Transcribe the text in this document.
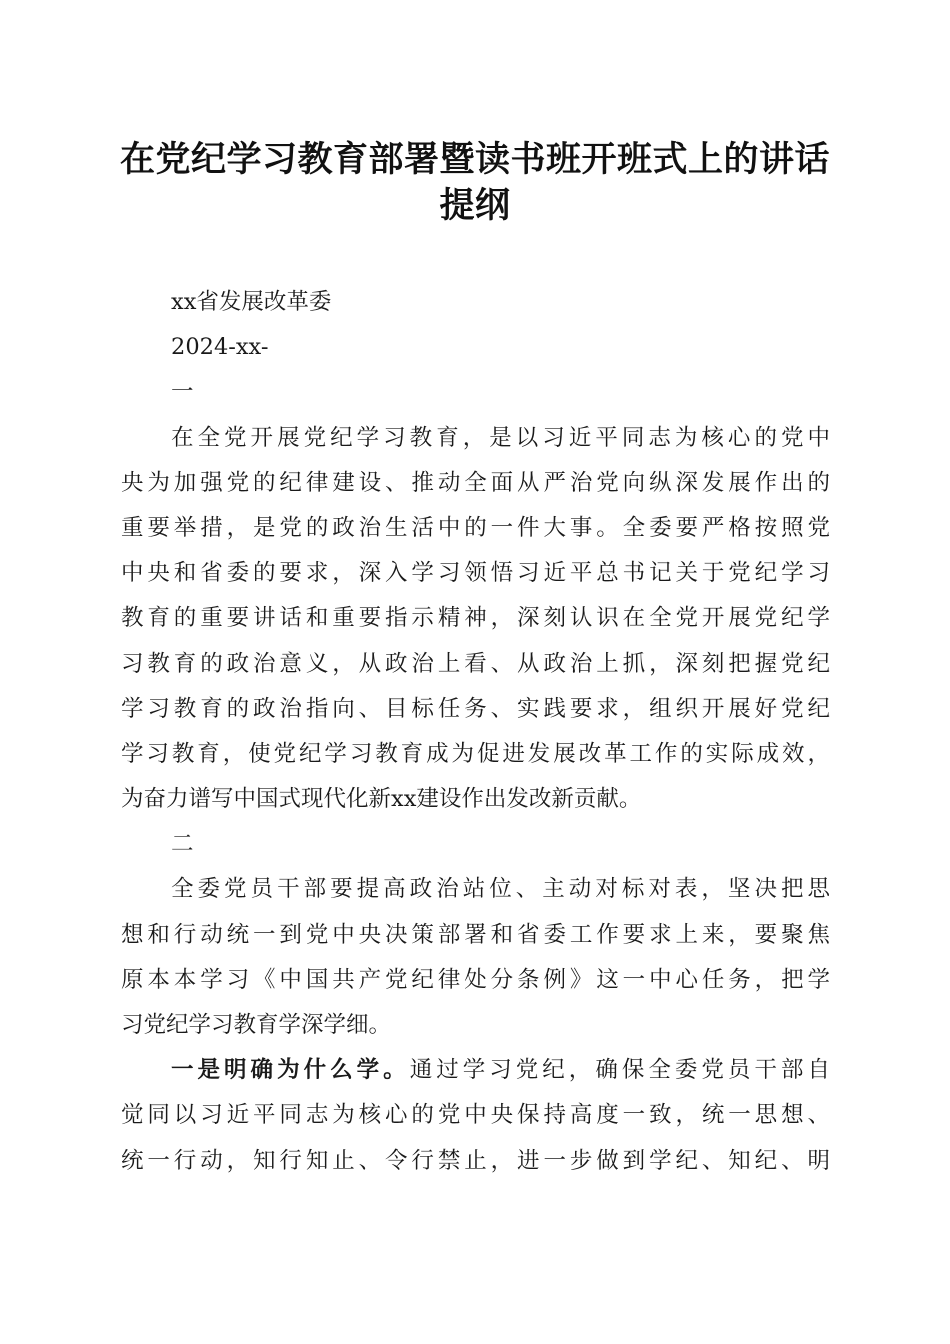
在党纪学习教育部署暨读书班开班式上的讲话
提纲
xx省发展改革委
2024-xx-
一
在全党开展党纪学习教育，是以习近平同志为核心的党中
央为加强党的纪律建设、推动全面从严治党向纵深发展作出的
重要举措，是党的政治生活中的一件大事。全委要严格按照党
中央和省委的要求，深入学习领悟习近平总书记关于党纪学习
教育的重要讲话和重要指示精神，深刻认识在全党开展党纪学
习教育的政治意义，从政治上看、从政治上抓，深刻把握党纪
学习教育的政治指向、目标任务、实践要求，组织开展好党纪
学习教育，使党纪学习教育成为促进发展改革工作的实际成效，
为奋力谱写中国式现代化新xx建设作出发改新贡献。
二
全委党员干部要提高政治站位、主动对标对表，坚决把思
想和行动统一到党中央决策部署和省委工作要求上来，要聚焦
原本本学习《中国共产党纪律处分条例》这一中心任务，把学
习党纪学习教育学深学细。
一是明确为什么学。通过学习党纪，确保全委党员干部自
觉同以习近平同志为核心的党中央保持高度一致，统一思想、
统一行动，知行知止、令行禁止，进一步做到学纪、知纪、明
